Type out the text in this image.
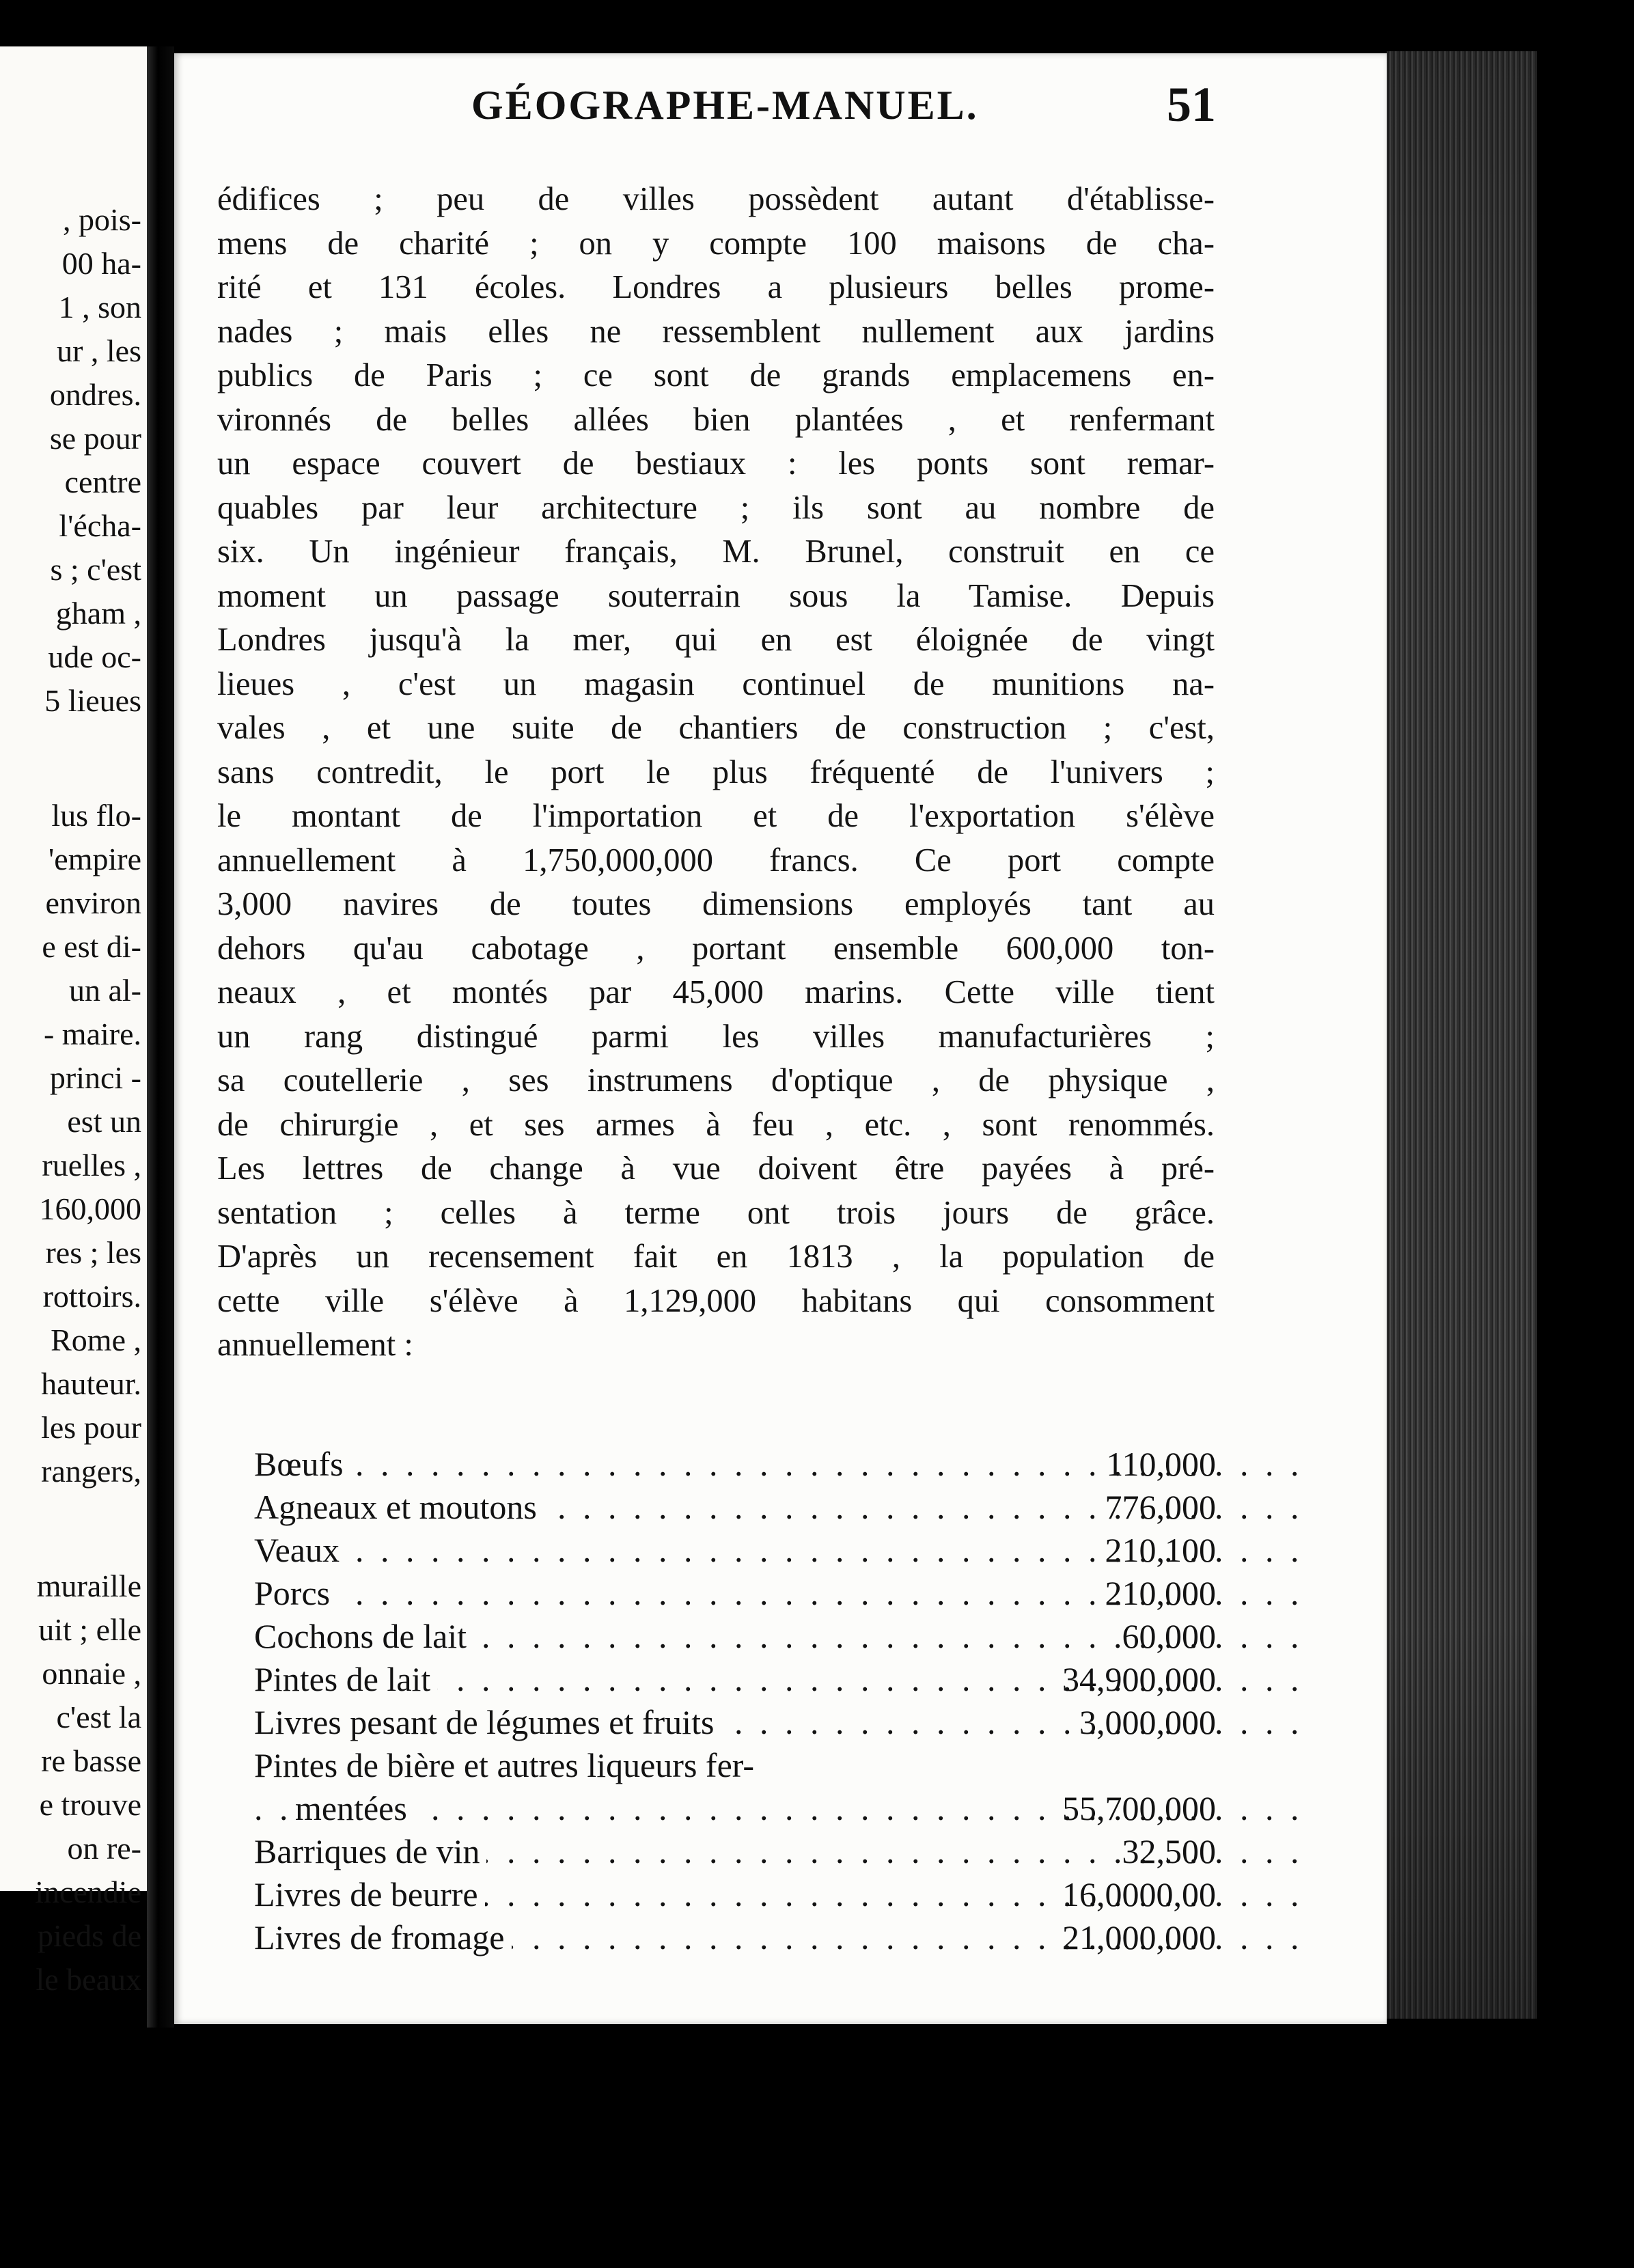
, pois-
00 ha-
1 , son
ur , les
ondres.
se pour
centre
l'écha-
s ; c'est
gham ,
ude oc-
5 lieues
lus flo-
'empire
environ
e est di-
un al-
- maire.
princi -
est un
ruelles ,
160,000
res ; les
rottoirs.
Rome ,
hauteur.
les pour
rangers,
muraille
uit ; elle
onnaie ,
c'est la
re basse
e trouve
on re-
incendie
pieds de
le beaux
GÉOGRAPHE-MANUEL.	51
édifices ; peu de villes possèdent autant d'établisse-
mens de charité ; on y compte 100 maisons de cha-
rité et 131 écoles. Londres a plusieurs belles prome-
nades ; mais elles ne ressemblent nullement aux jardins
publics de Paris ; ce sont de grands emplacemens en-
vironnés de belles allées bien plantées , et renfermant
un espace couvert de bestiaux : les ponts sont remar-
quables par leur architecture ; ils sont au nombre de
six. Un ingénieur français, M. Brunel, construit en ce
moment un passage souterrain sous la Tamise. Depuis
Londres jusqu'à la mer, qui en est éloignée de vingt
lieues , c'est un magasin continuel de munitions na-
vales , et une suite de chantiers de construction ; c'est,
sans contredit, le port le plus fréquenté de l'univers ;
le montant de l'importation et de l'exportation s'élève
annuellement à 1,750,000,000 francs. Ce port compte
3,000 navires de toutes dimensions employés tant au
dehors qu'au cabotage , portant ensemble 600,000 ton-
neaux , et montés par 45,000 marins. Cette ville tient
un rang distingué parmi les villes manufacturières ;
sa coutellerie , ses instrumens d'optique , de physique ,
de chirurgie , et ses armes à feu , etc. , sont renommés.
Les lettres de change à vue doivent être payées à pré-
sentation ; celles à terme ont trois jours de grâce.
D'après un recensement fait en 1813 , la population de
cette ville s'élève à 1,129,000 habitans qui consomment
annuellement :
Bœufs . . .	110,000
Agneaux et moutons . . .	776,000
Veaux . . .	210,100
Porcs . . .	210,000
Cochons de lait . . .	60,000
Pintes de lait . . .	34,900,000
Livres pesant de légumes et fruits . . .	3,000,000
Pintes de bière et autres liqueurs fer-
mentées . . .	55,700,000
Barriques de vin . . .	32,500
Livres de beurre . . .	16,0000,00
Livres de fromage . . .	21,000,000
